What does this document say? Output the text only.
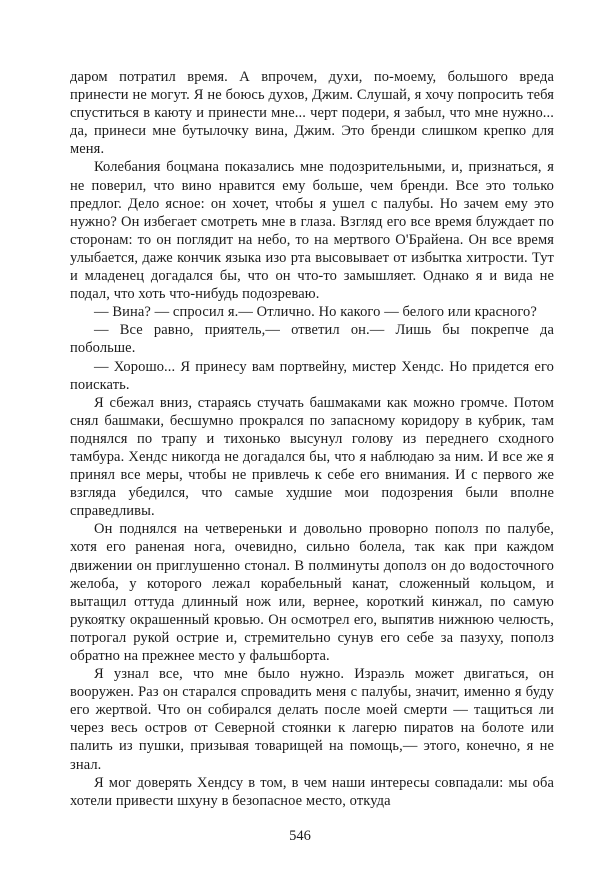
даром потратил время. А впрочем, духи, по-моему, большого вреда принести не могут. Я не боюсь духов, Джим. Слушай, я хочу попросить тебя спуститься в каюту и принести мне... черт подери, я забыл, что мне нужно... да, принеси мне бутылочку вина, Джим. Это бренди слишком крепко для меня.

Колебания боцмана показались мне подозрительными, и, признаться, я не поверил, что вино нравится ему больше, чем бренди. Все это только предлог. Дело ясное: он хочет, чтобы я ушел с палубы. Но зачем ему это нужно? Он избегает смотреть мне в глаза. Взгляд его все время блуждает по сторонам: то он поглядит на небо, то на мертвого О'Брайена. Он все время улыбается, даже кончик языка изо рта высовывает от избытка хитрости. Тут и младенец догадался бы, что он что-то замышляет. Однако я и вида не подал, что хоть что-нибудь подозреваю.

— Вина? — спросил я.— Отлично. Но какого — белого или красного?

— Все равно, приятель,— ответил он.— Лишь бы покрепче да побольше.

— Хорошо... Я принесу вам портвейну, мистер Хендс. Но придется его поискать.

Я сбежал вниз, стараясь стучать башмаками как можно громче. Потом снял башмаки, бесшумно прокрался по запасному коридору в кубрик, там поднялся по трапу и тихонько высунул голову из переднего сходного тамбура. Хендс никогда не догадался бы, что я наблюдаю за ним. И все же я принял все меры, чтобы не привлечь к себе его внимания. И с первого же взгляда убедился, что самые худшие мои подозрения были вполне справедливы.

Он поднялся на четвереньки и довольно проворно пополз по палубе, хотя его раненая нога, очевидно, сильно болела, так как при каждом движении он приглушенно стонал. В полминуты дополз он до водосточного желоба, у которого лежал корабельный канат, сложенный кольцом, и вытащил оттуда длинный нож или, вернее, короткий кинжал, по самую рукоятку окрашенный кровью. Он осмотрел его, выпятив нижнюю челюсть, потрогал рукой острие и, стремительно сунув его себе за пазуху, пополз обратно на прежнее место у фальшборта.

Я узнал все, что мне было нужно. Израэль может двигаться, он вооружен. Раз он старался спровадить меня с палубы, значит, именно я буду его жертвой. Что он собирался делать после моей смерти — тащиться ли через весь остров от Северной стоянки к лагерю пиратов на болоте или палить из пушки, призывая товарищей на помощь,— этого, конечно, я не знал.

Я мог доверять Хендсу в том, в чем наши интересы совпадали: мы оба хотели привести шхуну в безопасное место, откуда

546
